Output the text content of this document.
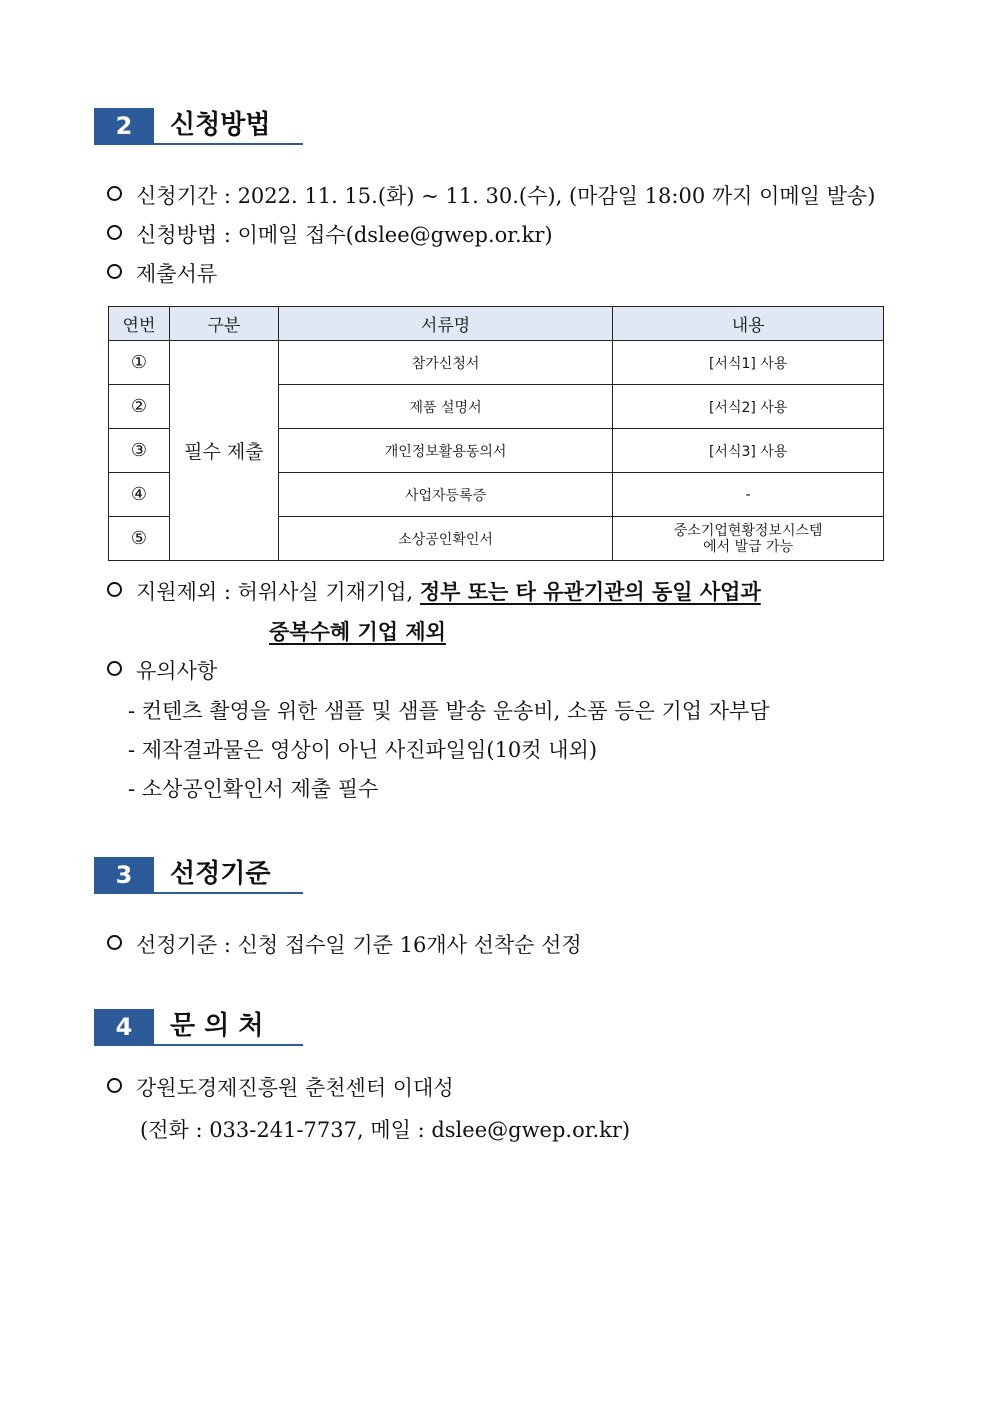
2	신청방법
신청기간 : 2022. 11. 15.(화) ~ 11. 30.(수), (마감일 18:00 까지 이메일 발송)
신청방법 : 이메일 접수(dslee@gwep.or.kr)
제출서류
연번	구분	서류명	내용
①	필수 제출	참가신청서	[서식1] 사용
②		제품 설명서	[서식2] 사용
③		개인정보활용동의서	[서식3] 사용
④		사업자등록증	-
⑤		소상공인확인서	중소기업현황정보시스템
에서 발급 가능
지원제외 : 허위사실 기재기업, 정부 또는 타 유관기관의 동일 사업과
중복수혜 기업 제외
유의사항
- 컨텐츠 촬영을 위한 샘플 및 샘플 발송 운송비, 소품 등은 기업 자부담
- 제작결과물은 영상이 아닌 사진파일임(10컷 내외)
- 소상공인확인서 제출 필수
3	선정기준
선정기준 : 신청 접수일 기준 16개사 선착순 선정
4	문 의 처
강원도경제진흥원 춘천센터 이대성
(전화 : 033-241-7737, 메일 : dslee@gwep.or.kr)
